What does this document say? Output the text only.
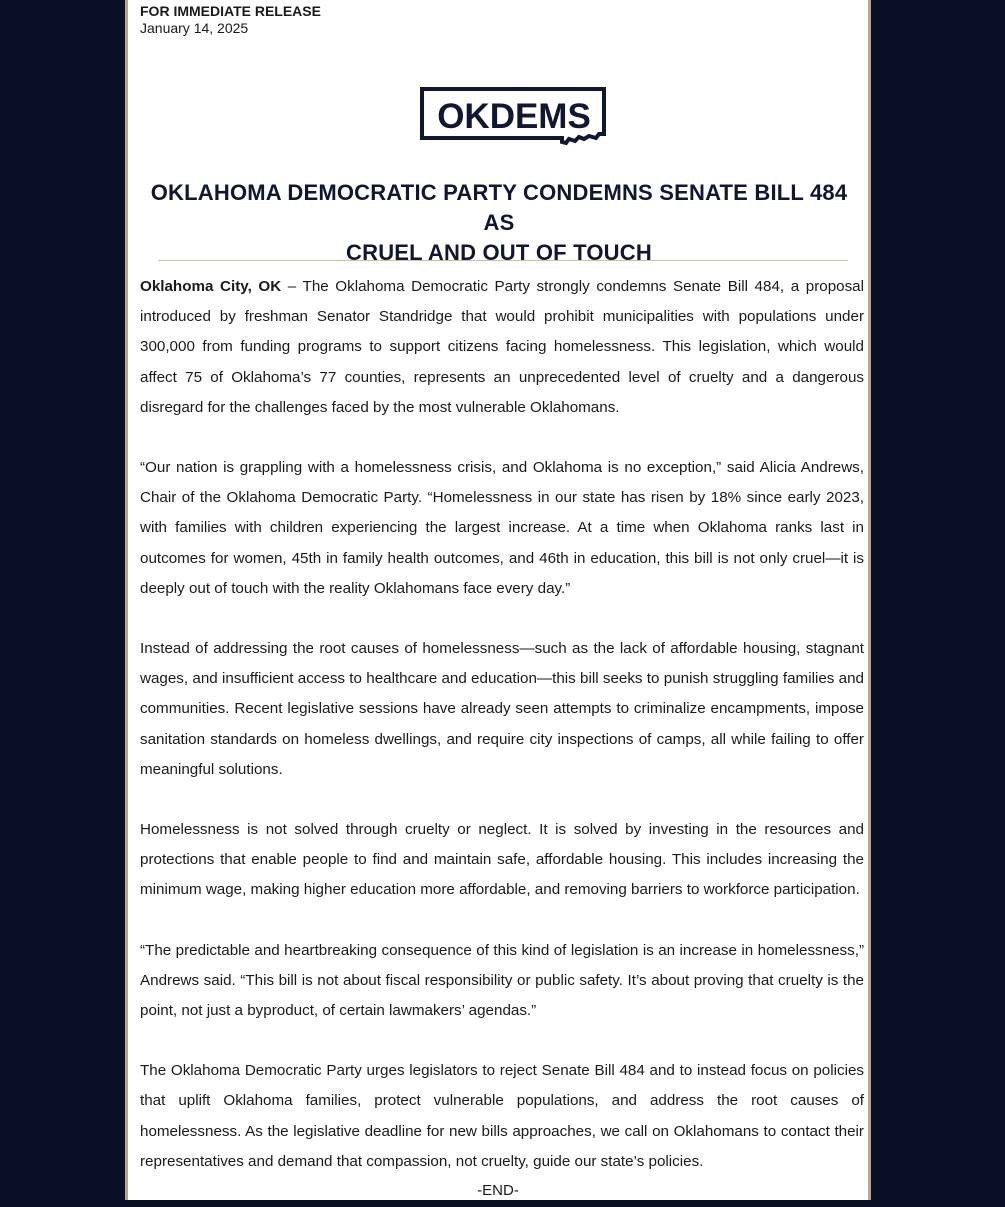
FOR IMMEDIATE RELEASE
January 14, 2025
OKDEMS
OKLAHOMA DEMOCRATIC PARTY CONDEMNS SENATE BILL 484 AS
CRUEL AND OUT OF TOUCH

Oklahoma City, OK – The Oklahoma Democratic Party strongly condemns Senate Bill 484, a proposal introduced by freshman Senator Standridge that would prohibit municipalities with populations under 300,000 from funding programs to support citizens facing homelessness. This legislation, which would affect 75 of Oklahoma’s 77 counties, represents an unprecedented level of cruelty and a dangerous disregard for the challenges faced by the most vulnerable Oklahomans.

“Our nation is grappling with a homelessness crisis, and Oklahoma is no exception,” said Alicia Andrews, Chair of the Oklahoma Democratic Party. “Homelessness in our state has risen by 18% since early 2023, with families with children experiencing the largest increase. At a time when Oklahoma ranks last in outcomes for women, 45th in family health outcomes, and 46th in education, this bill is not only cruel—it is deeply out of touch with the reality Oklahomans face every day.”

Instead of addressing the root causes of homelessness—such as the lack of affordable housing, stagnant wages, and insufficient access to healthcare and education—this bill seeks to punish struggling families and communities. Recent legislative sessions have already seen attempts to criminalize encampments, impose sanitation standards on homeless dwellings, and require city inspections of camps, all while failing to offer meaningful solutions.

Homelessness is not solved through cruelty or neglect. It is solved by investing in the resources and protections that enable people to find and maintain safe, affordable housing. This includes increasing the minimum wage, making higher education more affordable, and removing barriers to workforce participation.

“The predictable and heartbreaking consequence of this kind of legislation is an increase in homelessness,” Andrews said. “This bill is not about fiscal responsibility or public safety. It’s about proving that cruelty is the point, not just a byproduct, of certain lawmakers’ agendas.”

The Oklahoma Democratic Party urges legislators to reject Senate Bill 484 and to instead focus on policies that uplift Oklahoma families, protect vulnerable populations, and address the root causes of homelessness. As the legislative deadline for new bills approaches, we call on Oklahomans to contact their representatives and demand that compassion, not cruelty, guide our state’s policies.

-END-
